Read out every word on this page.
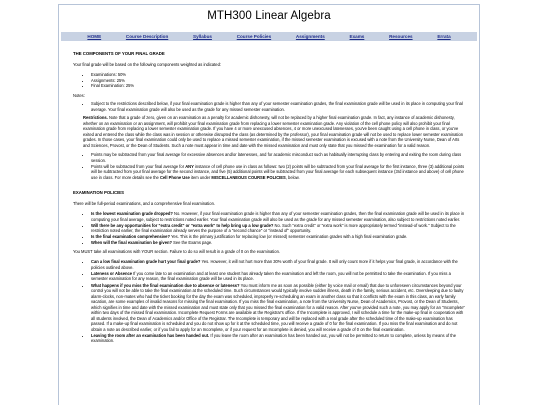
MTH300 Linear Algebra
HOME	Course Description	Syllabus	Course Policies	Assignments	Exams	Resources	Errata
THE COMPONENTS OF YOUR FINAL GRADE

Your final grade will be based on the following components weighted as indicated:

• Examinations: 50%
• Assignments: 25%
• Final Examination: 25%

Notes:

• Subject to the restrictions described below, if your final examination grade is higher than any of your semester examination grades, the final examination grade will be used in its place in computing your final average. Your final examination grade will also be used as the grade for any missed semester examination.

Restrictions. Note that a grade of zero, given on an examination as a penalty for academic dishonesty, will not be replaced by a higher final examination grade. In fact, any instance of academic dishonesty, whether on an examination or an assignment, will prohibit your final examination grade from replacing a lower semester examination grade. Any violation of the cell phone policy will also prohibit your final examination grade from replacing a lower semester examination grade. If you have 4 or more unexcused absences, 4 or more unexcused latenesses, you've been caught using a cell phone in class, or you've exited and entered the class while the class was in session or otherwise disrupted the class (as determined by the professor), your final examination grade will not be used to replace lower semester examination grades. In those cases, your final examination could only be used to replace a missed semester examination, if the missed semester examination is excused with a note from the University Nurse, Dean of Arts and Sciences, Provost, or the Dean of Students. Such a note must appear in time and date with the missed examination and must only state that you missed the examination for a valid reason.

• Points may be subtracted from your final average for excessive absences and/or latenesses, and for academic misconduct such as habitually interrupting class by entering and exiting the room during class session.
• Points will be subtracted from your final average for ANY instance of cell phone use in class as follows: two (2) points will be subtracted from your final average for the first instance, three (3) additional points will be subtracted from your final average for the second instance, and five (5) additional points will be subtracted from your final average for each subsequent instance (3rd instance and above) of cell phone use in class. For more details see the Cell Phone Use item under MISCELLANEOUS COURSE POLICIES, below.
EXAMINATION POLICIES

There will be full-period examinations, and a comprehensive final examination.

• Is the lowest examination grade dropped? No. However, if your final examination grade is higher than any of your semester examination grades, then the final examination grade will be used in its place in computing your final average, subject to restrictions noted earlier. Your final examination grade will also be used as the grade for any missed semester examination, also subject to restrictions noted earlier.
• Will there be any opportunities for "extra credit" or "extra work" to help bring up a low grade? No. Such "extra credit" or "extra work" is more appropriately termed "instead-of work." Subject to the restriction noted earlier, the final examination already serves the purpose of a "second chance" or "instead of" opportunity.
• Is the final examination comprehensive? Yes. This is the primary justification for replacing low (or missed) semester examination grades with a high final examination grade.
• When will the final examination be given? See the Exams page.

You MUST take all examinations with YOUR section. Failure to do so will result in a grade of 0 on the examination.

• Can a low final examination grade hurt your final grade? Yes. However, it will not hurt more than 30% worth of your final grade. It will only count more if it helps your final grade, in accordance with the policies outlined above.
• Lateness or Absence If you come late to an examination and at least one student has already taken the examination and left the room, you will not be permitted to take the examination. If you miss a semester examination for any reason, the final examination grade will be used in its place.
• What happens if you miss the final examination due to absence or lateness? You must inform me as soon as possible (either by voice mail or email) that due to unforeseen circumstances beyond your control you will not be able to take the final examination at the scheduled time. Such circumstances would typically involve sudden illness, death in the family, serious accident, etc. Oversleeping due to faulty alarm-clocks, non-mates who had the ticket booking for the day the exam was scheduled, improperly re-scheduling an exam in another class so that it conflicts with the exam in this class, an early family vacation, are some examples of invalid reasons for missing the final examination. If you miss the final examination, a note from the University Nurse, Dean of Academics, Provost, or the Dean of Students, which signifies in time and date with the missed examination and must state only that you missed the final examination for a valid reason. After you've provided such a note, you may apply for an "Incomplete" within two days of the missed final examination. Incomplete Request Forms are available at the Registrar's office. If the Incomplete is approved, I will schedule a time for the make-up final in cooperation with all students involved, the Dean of Academics and/or Office of the Registrar. The Incomplete is temporary and will be replaced with a real grade after the scheduled time of the make-up examination has passed. If a make-up final examination is scheduled and you do not show up for it at the scheduled time, you will receive a grade of 0 for the final examination. If you miss the final examination and do not obtain a note as described earlier, or if you fail to apply for an Incomplete, or if your request for an Incomplete is denied, you will receive a grade of 0 on the final examination.
• Leaving the room after an examination has been handed out. If you leave the room after an examination has been handed out, you will not be permitted to return to complete, unless by means of the examination.
